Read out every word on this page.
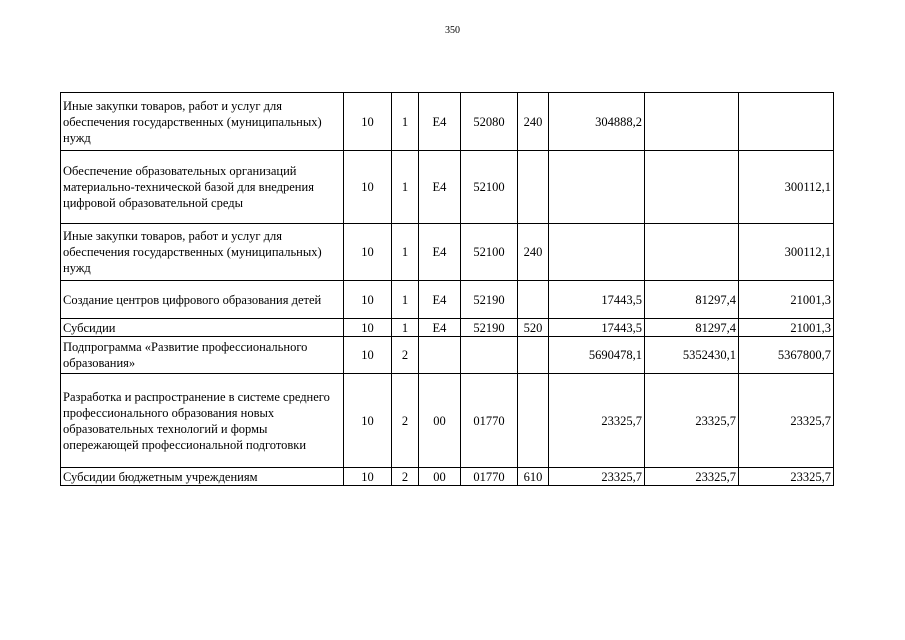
350
Иные закупки товаров, работ и услуг для обеспечения государственных (муниципальных) нужд	10	1	Е4	52080	240	304888,2		
Обеспечение образовательных организаций материально-технической базой для внедрения цифровой образовательной среды	10	1	Е4	52100				300112,1
Иные закупки товаров, работ и услуг для обеспечения государственных (муниципальных) нужд	10	1	Е4	52100	240			300112,1
Создание центров цифрового образования детей	10	1	Е4	52190		17443,5	81297,4	21001,3
Субсидии	10	1	Е4	52190	520	17443,5	81297,4	21001,3
Подпрограмма «Развитие профессионального образования»	10	2				5690478,1	5352430,1	5367800,7
Разработка и распространение в системе среднего профессионального образования новых образовательных технологий и формы опережающей профессиональной подготовки	10	2	00	01770		23325,7	23325,7	23325,7
Субсидии бюджетным учреждениям	10	2	00	01770	610	23325,7	23325,7	23325,7
